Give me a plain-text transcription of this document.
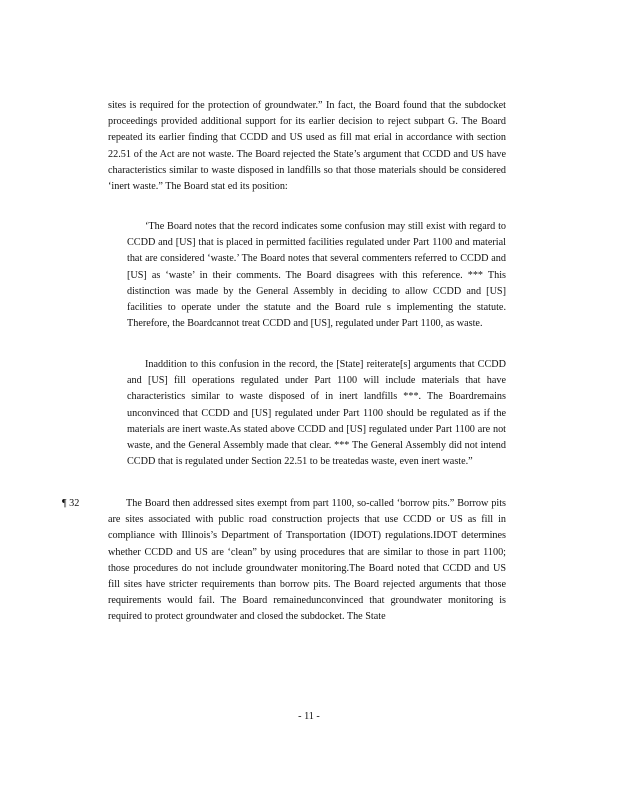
sites is required for the protection of groundwater.” In fact, the Board found that the subdocket proceedings provided additional support for its earlier decision to reject subpart G. The Board repeated its earlier finding that CCDD and US used as fill mat erial in accordance with section 22.51 of the Act are not waste. The Board rejected the State’s argument that CCDD and US have characteristics similar to waste disposed in landfills so that those materials should be considered ‘inert waste.” The Board stat ed its position:
‘The Board notes that the record indicates some confusion may still exist with regard to CCDD and [US] that is placed in permitted facilities regulated under Part 1100 and material that are considered ‘waste.’ The Board notes that several commenters referred to CCDD and [US] as ‘waste’ in their comments. The Board disagrees with this reference. *** This distinction was made by the General Assembly in deciding to allow CCDD and [US] facilities to operate under the statute and the Board rule s implementing the statute. Therefore, the Boardcannot treat CCDD and [US], regulated under Part 1100, as waste.
Inaddition to this confusion in the record, the [State] reiterate[s] arguments that CCDD and [US] fill operations regulated under Part 1100 will include materials that have characteristics similar to waste disposed of in inert landfills ***. The Boardremains unconvinced that CCDD and [US] regulated under Part 1100 should be regulated as if the materials are inert waste.As stated above CCDD and [US] regulated under Part 1100 are not waste, and the General Assembly made that clear. *** The General Assembly did not intend CCDD that is regulated under Section 22.51 to be treatedas waste, even inert waste.”
¶ 32	The Board then addressed sites exempt from part 1100, so-called ‘borrow pits.” Borrow pits are sites associated with public road construction projects that use CCDD or US as fill in compliance with Illinois’s Department of Transportation (IDOT) regulations.IDOT determines whether CCDD and US are ‘clean” by using procedures that are similar to those in part 1100; those procedures do not include groundwater monitoring.The Board noted that CCDD and US fill sites have stricter requirements than borrow pits. The Board rejected arguments that those requirements would fail. The Board remainedunconvinced that groundwater monitoring is required to protect groundwater and closed the subdocket. The State
- 11 -
